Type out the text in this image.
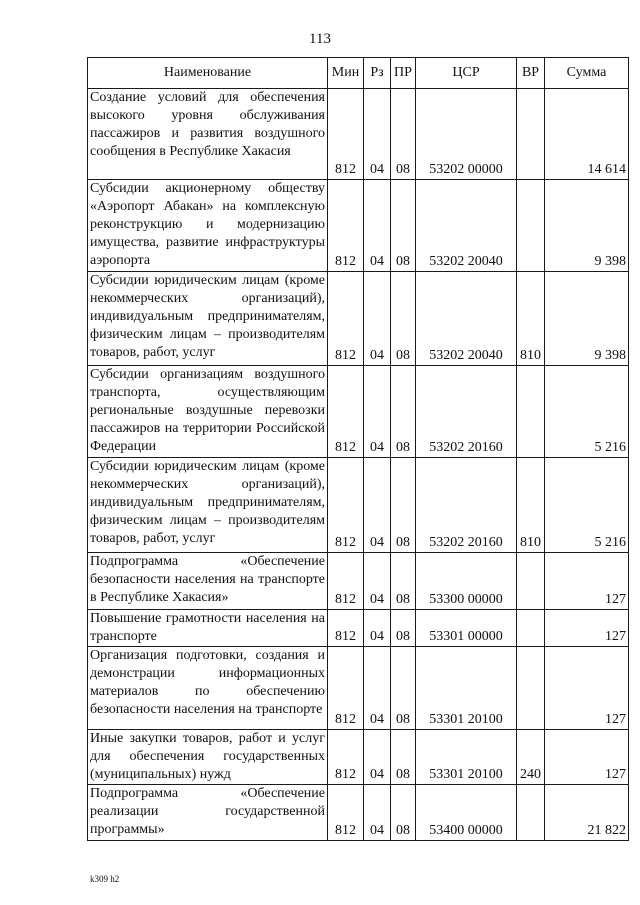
113
Наименование	Мин	Рз	ПР	ЦСР	ВР	Сумма
Создание условий для обеспечения высокого уровня обслуживания пассажиров и развития воздушного сообщения в Республике Хакасия	812	04	08	53202 00000		14 614
Субсидии акционерному обществу «Аэропорт Абакан» на комплексную реконструкцию и модернизацию имущества, развитие инфраструктуры аэропорта	812	04	08	53202 20040		9 398
Субсидии юридическим лицам (кроме некоммерческих организаций), индивидуальным предпринимателям, физическим лицам – производителям товаров, работ, услуг	812	04	08	53202 20040	810	9 398
Субсидии организациям воздушного транспорта, осуществляющим региональные воздушные перевозки пассажиров на территории Российской Федерации	812	04	08	53202 20160		5 216
Субсидии юридическим лицам (кроме некоммерческих организаций), индивидуальным предпринимателям, физическим лицам – производителям товаров, работ, услуг	812	04	08	53202 20160	810	5 216
Подпрограмма «Обеспечение безопасности населения на транспорте в Республике Хакасия»	812	04	08	53300 00000		127
Повышение грамотности населения на транспорте	812	04	08	53301 00000		127
Организация подготовки, создания и демонстрации информационных материалов по обеспечению безопасности населения на транспорте	812	04	08	53301 20100		127
Иные закупки товаров, работ и услуг для обеспечения государственных (муниципальных) нужд	812	04	08	53301 20100	240	127
Подпрограмма «Обеспечение реализации государственной программы»	812	04	08	53400 00000		21 822
k309 h2
